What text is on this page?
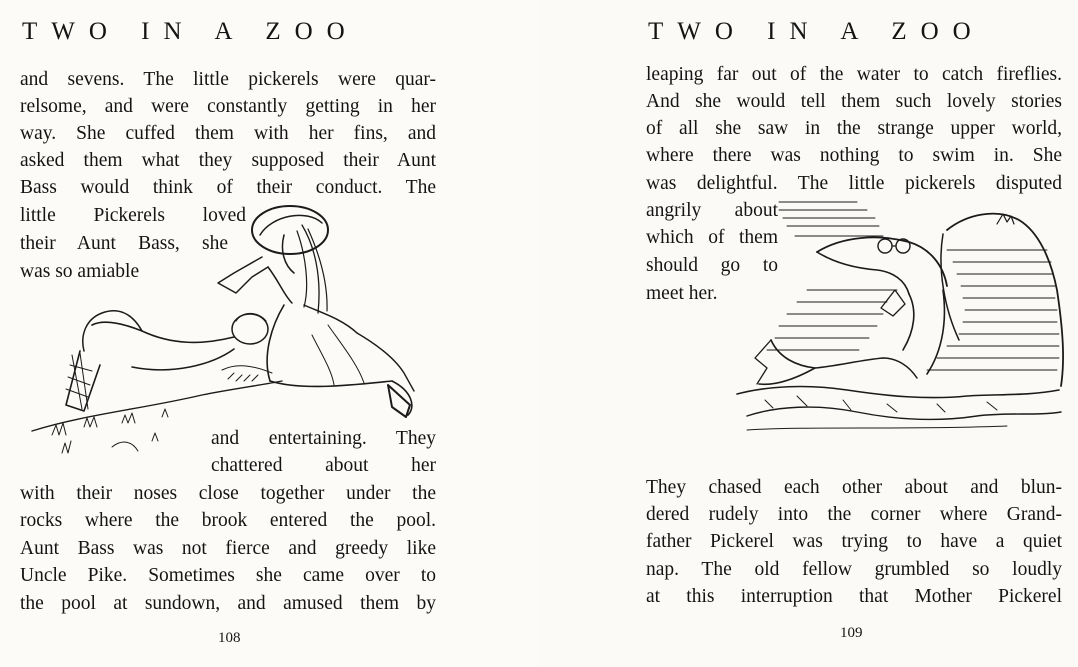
TWO IN A ZOO
and sevens. The little pickerels were quar-
relsome, and were constantly getting in her
way. She cuffed them with her fins, and
asked them what they supposed their Aunt
Bass would think of their conduct. The
little Pickerels loved
their Aunt Bass, she
was so amiable
and entertaining. They
chattered about her
with their noses close together under the
rocks where the brook entered the pool.
Aunt Bass was not fierce and greedy like
Uncle Pike. Sometimes she came over to
the pool at sundown, and amused them by
108
TWO IN A ZOO
leaping far out of the water to catch fireflies.
And she would tell them such lovely stories
of all she saw in the strange upper world,
where there was nothing to swim in. She
was delightful. The little pickerels disputed
angrily about
which of them
should go to
meet her.
They chased each other about and blun-
dered rudely into the corner where Grand-
father Pickerel was trying to have a quiet
nap. The old fellow grumbled so loudly
at this interruption that Mother Pickerel
109
